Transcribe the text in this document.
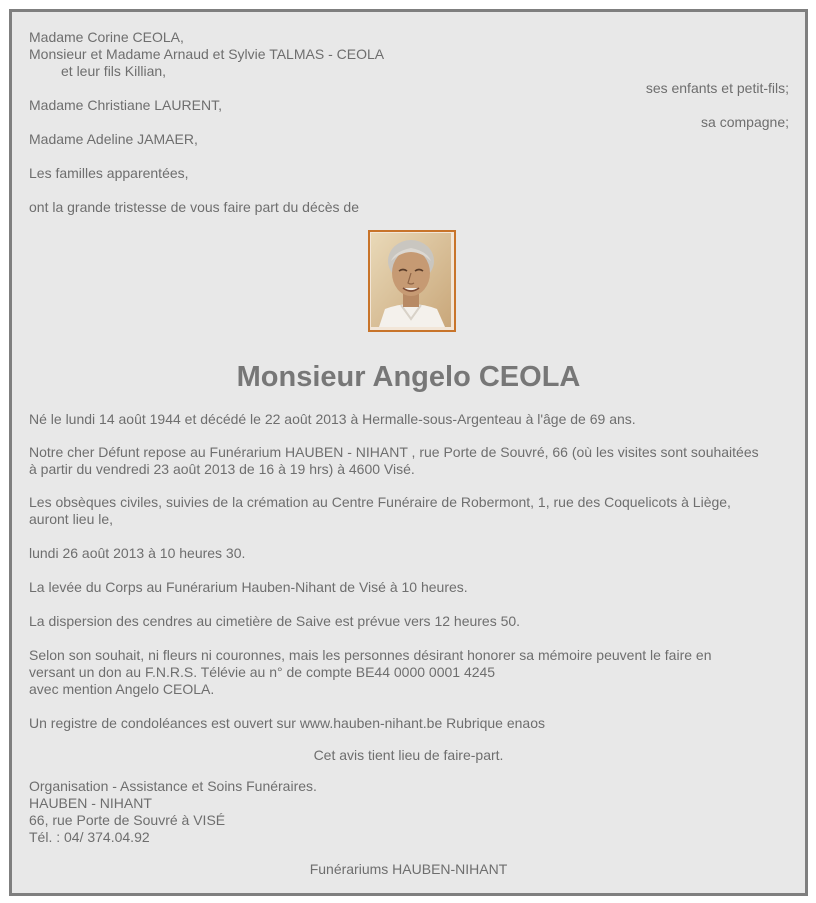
Madame Corine CEOLA,
Monsieur et Madame Arnaud et Sylvie TALMAS - CEOLA
et leur fils Killian,
ses enfants et petit-fils;
Madame Christiane LAURENT,
sa compagne;
Madame Adeline JAMAER,
Les familles apparentées,
ont la grande tristesse de vous faire part du décès de
Monsieur Angelo CEOLA
Né le lundi 14 août 1944 et décédé le 22 août 2013 à Hermalle-sous-Argenteau à l'âge de 69 ans.
Notre cher Défunt repose au Funérarium HAUBEN - NIHANT , rue Porte de Souvré, 66 (où les visites sont souhaitées
à partir du vendredi 23 août 2013 de 16 à 19 hrs) à 4600 Visé.
Les obsèques civiles, suivies de la crémation au Centre Funéraire de Robermont, 1, rue des Coquelicots à Liège,
auront lieu le,
lundi 26 août 2013 à 10 heures 30.
La levée du Corps au Funérarium Hauben-Nihant de Visé à 10 heures.
La dispersion des cendres au cimetière de Saive est prévue vers 12 heures 50.
Selon son souhait, ni fleurs ni couronnes, mais les personnes désirant honorer sa mémoire peuvent le faire en
versant un don au F.N.R.S. Télévie au n° de compte BE44 0000 0001 4245
avec mention Angelo CEOLA.
Un registre de condoléances est ouvert sur www.hauben-nihant.be Rubrique enaos
Cet avis tient lieu de faire-part.
Organisation - Assistance et Soins Funéraires.
HAUBEN - NIHANT
66, rue Porte de Souvré à VISÉ
Tél. : 04/ 374.04.92
Funérariums HAUBEN-NIHANT
